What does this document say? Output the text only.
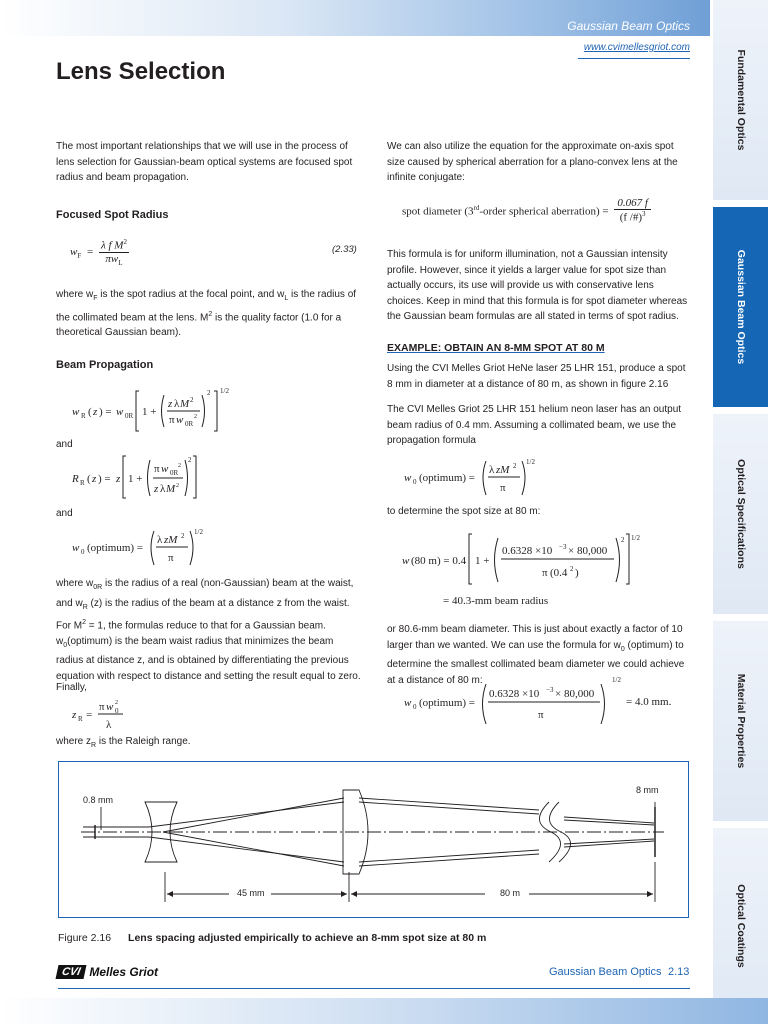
Gaussian Beam Optics
www.cvimellesgriot.com
Fundamental Optics
Gaussian Beam Optics
Optical Specifications
Material Properties
Optical Coatings
Lens Selection

The most important relationships that we will use in the process of lens selection for Gaussian-beam optical systems are focused spot radius and beam propagation.

Focused Spot Radius
$w_F$ =
λ f $M^2$
$\pi w_L$
(2.33)

where $w_F$ is the spot radius at the focal point, and $w_L$ is the radius of the collimated beam at the lens. $M^2$ is the quality factor (1.0 for a theoretical Gaussian beam).

Beam Propagation
w R ( z ) = w 0R 1 +
z λ M 2
π w 0R
2
2 1/2
and
R R ( z ) = z 1 +
π w 0R
2
z λ M 2
2
and
w 0 (optimum) =
λ zM 2
π
1/2

where $w_{0R}$ is the radius of a real (non-Gaussian) beam at the waist, and $w_R$ (z) is the radius of the beam at a distance z from the waist. For $M^2 = 1$, the formulas reduce to that for a Gaussian beam. $w_0(optimum)$ is the beam waist radius that minimizes the beam radius at distance z, and is obtained by differentiating the previous equation with respect to distance and setting the result equal to zero.

Finally,
z R =
π w 0
2
λ

where $z_R$ is the Raleigh range.

We can also utilize the equation for the approximate on-axis spot size caused by spherical aberration for a plano-convex lens at the infinite conjugate:

spot diameter (3rd-order spherical aberration) = $\frac{0.067 f}{(f /\#)^3}$

This formula is for uniform illumination, not a Gaussian intensity profile. However, since it yields a larger value for spot size than actually occurs, its use will provide us with conservative lens choices. Keep in mind that this formula is for spot diameter whereas the Gaussian beam formulas are all stated in terms of spot radius.

EXAMPLE: OBTAIN AN 8-MM SPOT AT 80 M

Using the CVI Melles Griot HeNe laser 25 LHR 151, produce a spot 8 mm in diameter at a distance of 80 m, as shown in figure 2.16

The CVI Melles Griot 25 LHR 151 helium neon laser has an output beam radius of 0.4 mm. Assuming a collimated beam, we use the propagation formula

w 0 (optimum) =
λ zM 2
π
1/2
to determine the spot size at 80 m:
w (80 m) = 0.4 1 +
0.6328 ×10 −3 × 80,000
π (0.4 2 )
2 1/2
= 40.3-mm beam radius

or 80.6-mm beam diameter. This is just about exactly a factor of 10 larger than we wanted. We can use the formula for $w_0$ (optimum) to determine the smallest collimated beam diameter we could achieve at a distance of 80 m:

w 0 (optimum) =
0.6328 ×10 −3 × 80,000
π
1/2
= 4.0 mm.
0.8 mm
8 mm
45 mm	80 m
Figure 2.16 Lens spacing adjusted empirically to achieve an 8-mm spot size at 80 m
CVI Melles Griot	Gaussian Beam Optics 2.13
